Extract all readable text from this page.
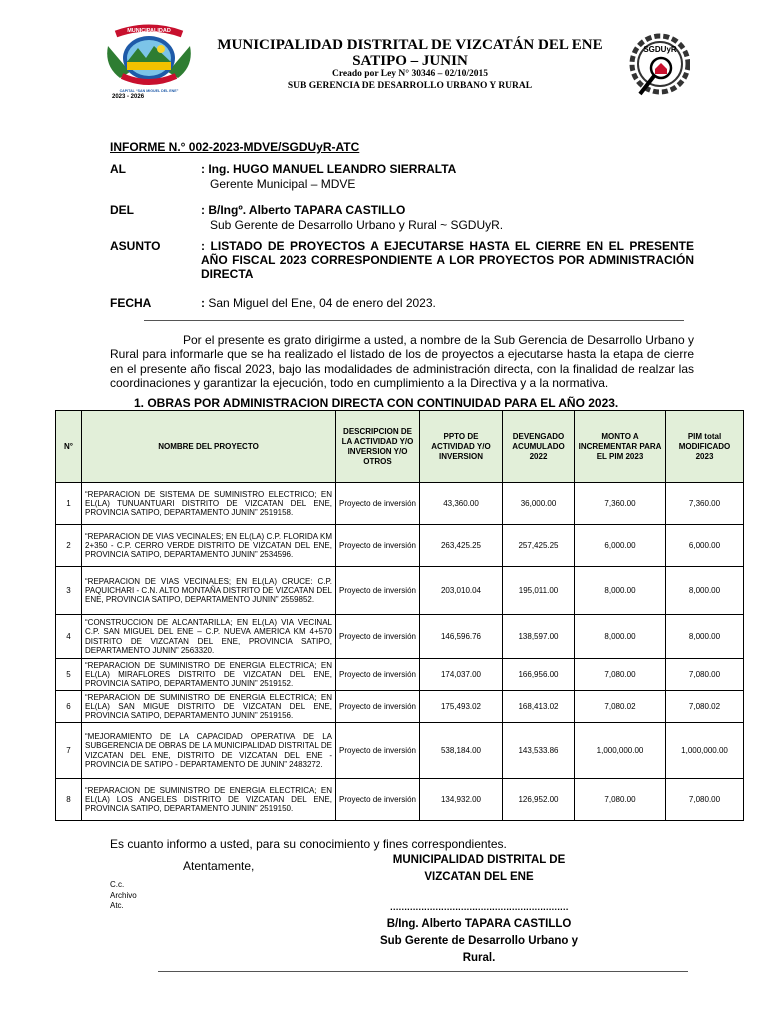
MUNICIPALIDAD
CAPITAL “SAN MIGUEL DEL ENE”
2023 - 2026
SGDUyR
MUNICIPALIDAD DISTRITAL DE VIZCATÁN DEL ENE
SATIPO – JUNIN
Creado por Ley N° 30346 – 02/10/2015
SUB GERENCIA DE DESARROLLO URBANO Y RURAL
INFORME N.° 002-2023-MDVE/SGDUyR-ATC
AL	: Ing. HUGO MANUEL LEANDRO SIERRALTA
Gerente Municipal – MDVE
DEL	: B/Ingº. Alberto TAPARA CASTILLO
Sub Gerente de Desarrollo Urbano y Rural ~ SGDUyR.
ASUNTO	: LISTADO DE PROYECTOS A EJECUTARSE HASTA EL CIERRE EN EL PRESENTE AÑO FISCAL 2023 CORRESPONDIENTE A LOR PROYECTOS POR ADMINISTRACIÓN DIRECTA
FECHA	: San Miguel del Ene, 04 de enero del 2023.
Por el presente es grato dirigirme a usted, a nombre de la Sub Gerencia de Desarrollo Urbano y Rural para informarle que se ha realizado el listado de los de proyectos a ejecutarse hasta la etapa de cierre en el presente año fiscal 2023, bajo las modalidades de administración directa, con la finalidad de realzar las coordinaciones y garantizar la ejecución, todo en cumplimiento a la Directiva y a la normativa.
1. OBRAS POR ADMINISTRACION DIRECTA CON CONTINUIDAD PARA EL AÑO 2023.
N°	NOMBRE DEL PROYECTO	DESCRIPCION DE LA ACTIVIDAD Y/O INVERSION Y/O OTROS	PPTO DE ACTIVIDAD Y/O INVERSION	DEVENGADO ACUMULADO 2022	MONTO A INCREMENTAR PARA EL PIM 2023	PIM total MODIFICADO 2023
1	“REPARACION DE SISTEMA DE SUMINISTRO ELECTRICO; EN EL(LA) TUNUANTUARI DISTRITO DE VIZCATAN DEL ENE, PROVINCIA SATIPO, DEPARTAMENTO JUNIN” 2519158.	Proyecto de inversión	43,360.00	36,000.00	7,360.00	7,360.00
2	“REPARACION DE VIAS VECINALES; EN EL(LA) C.P. FLORIDA KM 2+350 - C.P. CERRO VERDE DISTRITO DE VIZCATAN DEL ENE, PROVINCIA SATIPO, DEPARTAMENTO JUNIN” 2534596.	Proyecto de inversión	263,425.25	257,425.25	6,000.00	6,000.00
3	“REPARACION DE VIAS VECINALES; EN EL(LA) CRUCE: C.P. PAQUICHARI - C.N. ALTO MONTAÑA DISTRITO DE VIZCATAN DEL ENE, PROVINCIA SATIPO, DEPARTAMENTO JUNIN” 2559852.	Proyecto de inversión	203,010.04	195,011.00	8,000.00	8,000.00
4	“CONSTRUCCION DE ALCANTARILLA; EN EL(LA) VIA VECINAL C.P. SAN MIGUEL DEL ENE – C.P. NUEVA AMERICA KM 4+570 DISTRITO DE VIZCATAN DEL ENE, PROVINCIA SATIPO, DEPARTAMENTO JUNIN” 2563320.	Proyecto de inversión	146,596.76	138,597.00	8,000.00	8,000.00
5	“REPARACION DE SUMINISTRO DE ENERGIA ELECTRICA; EN EL(LA) MIRAFLORES DISTRITO DE VIZCATAN DEL ENE, PROVINCIA SATIPO, DEPARTAMENTO JUNIN” 2519152.	Proyecto de inversión	174,037.00	166,956.00	7,080.00	7,080.00
6	“REPARACION DE SUMINISTRO DE ENERGIA ELECTRICA; EN EL(LA) SAN MIGUE DISTRITO DE VIZCATAN DEL ENE, PROVINCIA SATIPO, DEPARTAMENTO JUNIN” 2519156.	Proyecto de inversión	175,493.02	168,413.02	7,080.02	7,080.02
7	“MEJORAMIENTO DE LA CAPACIDAD OPERATIVA DE LA SUBGERENCIA DE OBRAS DE LA MUNICIPALIDAD DISTRITAL DE VIZCATAN DEL ENE, DISTRITO DE VIZCATAN DEL ENE - PROVINCIA DE SATIPO - DEPARTAMENTO DE JUNIN” 2483272.	Proyecto de inversión	538,184.00	143,533.86	1,000,000.00	1,000,000.00
8	“REPARACION DE SUMINISTRO DE ENERGIA ELECTRICA; EN EL(LA) LOS ANGELES DISTRITO DE VIZCATAN DEL ENE, PROVINCIA SATIPO, DEPARTAMENTO JUNIN” 2519150.	Proyecto de inversión	134,932.00	126,952.00	7,080.00	7,080.00
Es cuanto informo a usted, para su conocimiento y fines correspondientes.
Atentamente,
C.c.
Archivo
Atc.
MUNICIPALIDAD DISTRITAL DE
VIZCATAN DEL ENE
………………………………………………………
B/Ing. Alberto TAPARA CASTILLO
Sub Gerente de Desarrollo Urbano y
Rural.
